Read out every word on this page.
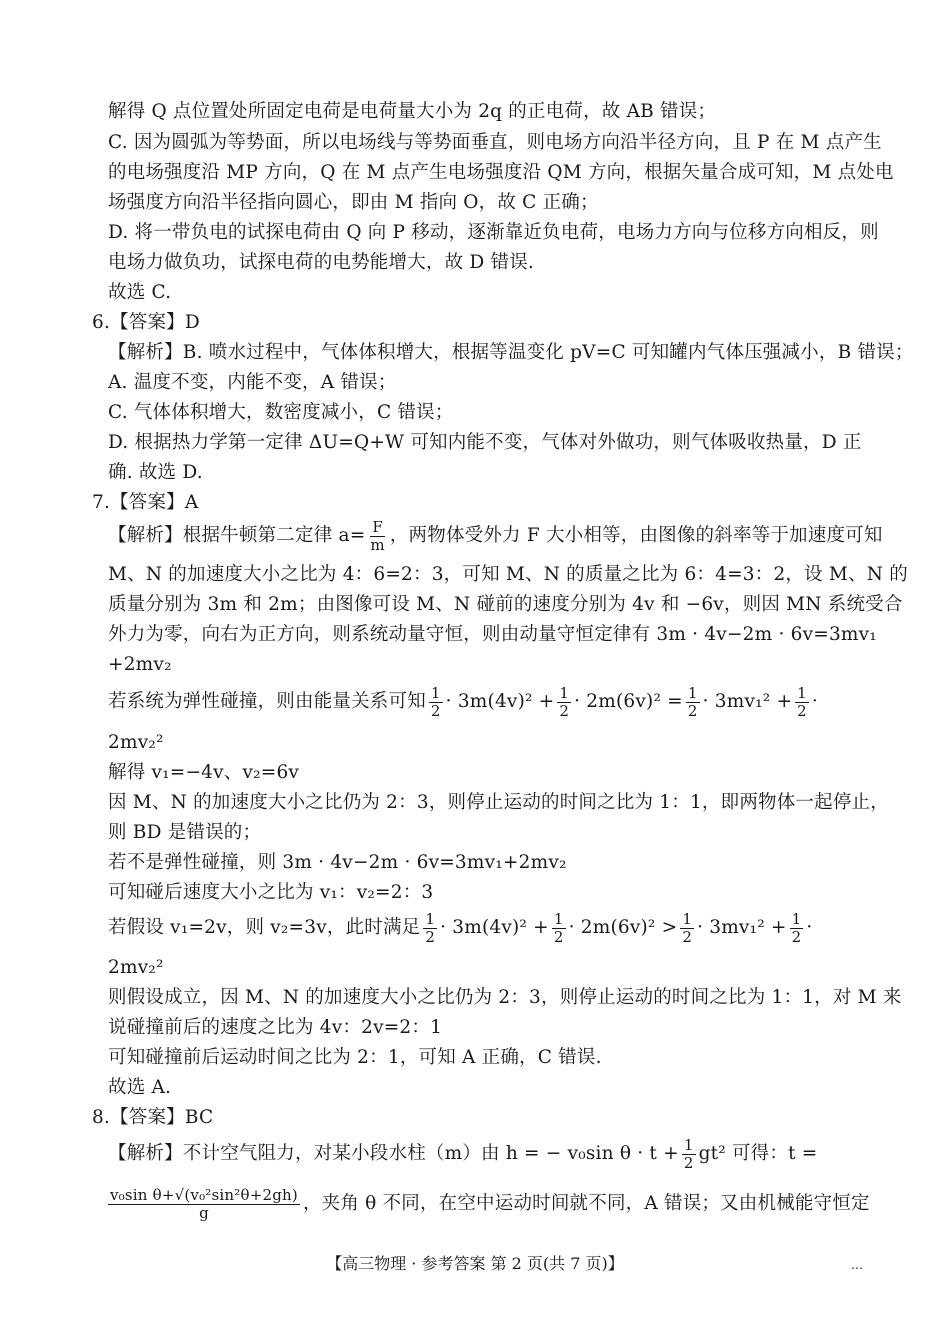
解得 Q 点位置处所固定电荷是电荷量大小为 2q 的正电荷，故 AB 错误；
C. 因为圆弧为等势面，所以电场线与等势面垂直，则电场方向沿半径方向，且 P 在 M 点产生
的电场强度沿 MP 方向，Q 在 M 点产生电场强度沿 QM 方向，根据矢量合成可知，M 点处电
场强度方向沿半径指向圆心，即由 M 指向 O，故 C 正确；
D. 将一带负电的试探电荷由 Q 向 P 移动，逐渐靠近负电荷，电场力方向与位移方向相反，则
电场力做负功，试探电荷的电势能增大，故 D 错误.
故选 C.
6.【答案】D
【解析】B. 喷水过程中，气体体积增大，根据等温变化 pV=C 可知罐内气体压强减小，B 错误；
A. 温度不变，内能不变，A 错误；
C. 气体体积增大，数密度减小，C 错误；
D. 根据热力学第一定律 ΔU=Q+W 可知内能不变，气体对外做功，则气体吸收热量，D 正
确. 故选 D.
7.【答案】A
【解析】根据牛顿第二定律 $a= \frac{F}{m}$ ，两物体受外力 F 大小相等，由图像的斜率等于加速度可知
M、N 的加速度大小之比为 4：6=2：3，可知 M、N 的质量之比为 6：4=3：2，设 M、N 的
质量分别为 3m 和 2m；由图像可设 M、N 碰前的速度分别为 4v 和 −6v，则因 MN 系统受合
外力为零，向右为正方向，则系统动量守恒，则由动量守恒定律有 3m · 4v−2m · 6v=3mv₁
+2mv₂
若系统为弹性碰撞，则由能量关系可知 $\frac{1}{2} \cdot 3m(4v)^2 + \frac{1}{2} \cdot 2m(6v)^2 = \frac{1}{2} \cdot 3mv_1^2 + \frac{1}{2}$ ·
2mv₂²
解得 v₁=−4v、v₂=6v
因 M、N 的加速度大小之比仍为 2：3，则停止运动的时间之比为 1：1，即两物体一起停止，
则 BD 是错误的；
若不是弹性碰撞，则 3m · 4v−2m · 6v=3mv₁+2mv₂
可知碰后速度大小之比为 v₁：v₂=2：3
若假设 v₁=2v，则 v₂=3v，此时满足 $\frac{1}{2} \cdot 3m(4v)^2 + \frac{1}{2} \cdot 2m(6v)^2 > \frac{1}{2} \cdot 3mv_1^2 + \frac{1}{2}$ ·
2mv₂²
则假设成立，因 M、N 的加速度大小之比仍为 2：3，则停止运动的时间之比为 1：1，对 M 来
说碰撞前后的速度之比为 4v：2v=2：1
可知碰撞前后运动时间之比为 2：1，可知 A 正确，C 错误.
故选 A.
8.【答案】BC
【解析】不计空气阻力，对某小段水柱（m）由 h = − v₀sin $\theta \cdot t + \frac{1}{2} gt^2$ 可得：t =
$\frac{\text{v₀sin θ+√(v₀²sin²θ+2gh)}}{g}$ ，夹角 θ 不同，在空中运动时间就不同，A 错误；又由机械能守恒定
【高三物理 · 参考答案 第 2 页(共 7 页)】	…
